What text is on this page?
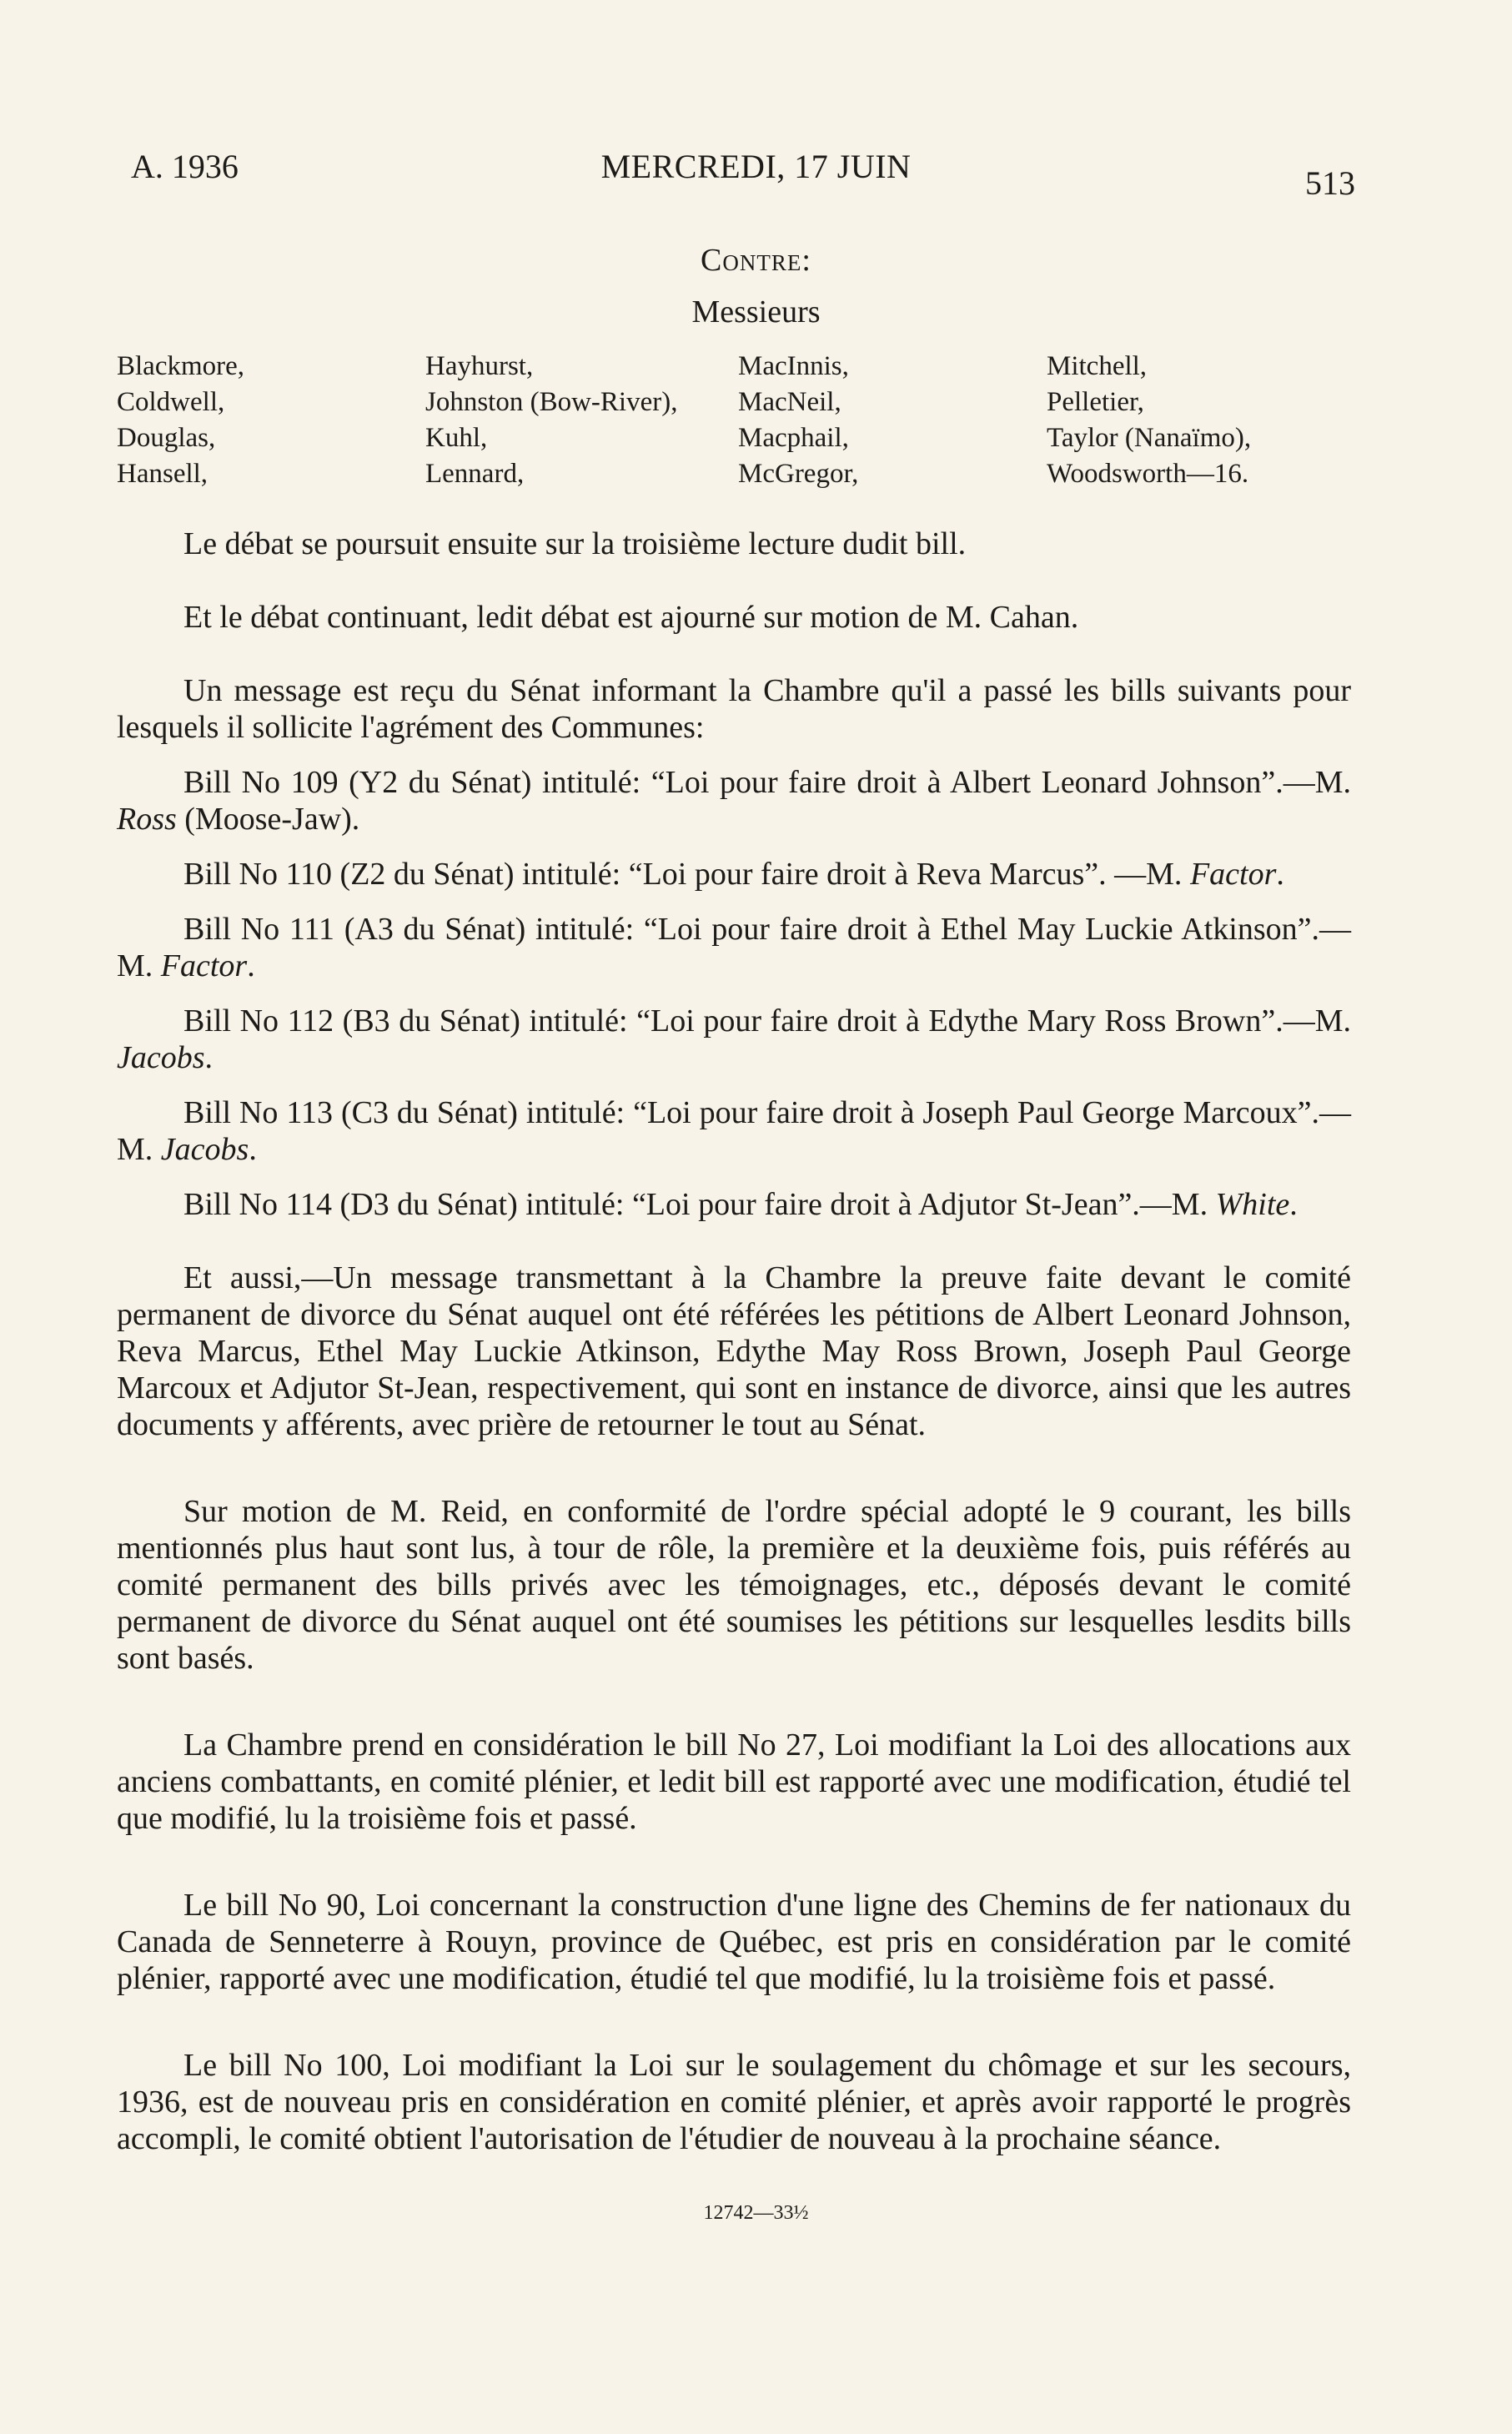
A. 1936	MERCREDI, 17 JUIN	513
Contre:
Messieurs
Blackmore,
Coldwell,
Douglas,
Hansell,
Hayhurst,
Johnston (Bow-River),
Kuhl,
Lennard,
MacInnis,
MacNeil,
Macphail,
McGregor,
Mitchell,
Pelletier,
Taylor (Nanaïmo),
Woodsworth—16.

Le débat se poursuit ensuite sur la troisième lecture dudit bill.

Et le débat continuant, ledit débat est ajourné sur motion de M. Cahan.

Un message est reçu du Sénat informant la Chambre qu'il a passé les bills suivants pour lesquels il sollicite l'agrément des Communes:

Bill No 109 (Y2 du Sénat) intitulé: “Loi pour faire droit à Albert Leonard Johnson”.—M. Ross (Moose-Jaw).

Bill No 110 (Z2 du Sénat) intitulé: “Loi pour faire droit à Reva Marcus”. —M. Factor.

Bill No 111 (A3 du Sénat) intitulé: “Loi pour faire droit à Ethel May Luckie Atkinson”.—M. Factor.

Bill No 112 (B3 du Sénat) intitulé: “Loi pour faire droit à Edythe Mary Ross Brown”.—M. Jacobs.

Bill No 113 (C3 du Sénat) intitulé: “Loi pour faire droit à Joseph Paul George Marcoux”.—M. Jacobs.

Bill No 114 (D3 du Sénat) intitulé: “Loi pour faire droit à Adjutor St-Jean”.—M. White.

Et aussi,—Un message transmettant à la Chambre la preuve faite devant le comité permanent de divorce du Sénat auquel ont été référées les pétitions de Albert Leonard Johnson, Reva Marcus, Ethel May Luckie Atkinson, Edythe May Ross Brown, Joseph Paul George Marcoux et Adjutor St-Jean, respectivement, qui sont en instance de divorce, ainsi que les autres documents y afférents, avec prière de retourner le tout au Sénat.

Sur motion de M. Reid, en conformité de l'ordre spécial adopté le 9 courant, les bills mentionnés plus haut sont lus, à tour de rôle, la première et la deuxième fois, puis référés au comité permanent des bills privés avec les témoignages, etc., déposés devant le comité permanent de divorce du Sénat auquel ont été soumises les pétitions sur lesquelles lesdits bills sont basés.

La Chambre prend en considération le bill No 27, Loi modifiant la Loi des allocations aux anciens combattants, en comité plénier, et ledit bill est rapporté avec une modification, étudié tel que modifié, lu la troisième fois et passé.

Le bill No 90, Loi concernant la construction d'une ligne des Chemins de fer nationaux du Canada de Senneterre à Rouyn, province de Québec, est pris en considération par le comité plénier, rapporté avec une modification, étudié tel que modifié, lu la troisième fois et passé.

Le bill No 100, Loi modifiant la Loi sur le soulagement du chômage et sur les secours, 1936, est de nouveau pris en considération en comité plénier, et après avoir rapporté le progrès accompli, le comité obtient l'autorisation de l'étudier de nouveau à la prochaine séance.

12742—33½
